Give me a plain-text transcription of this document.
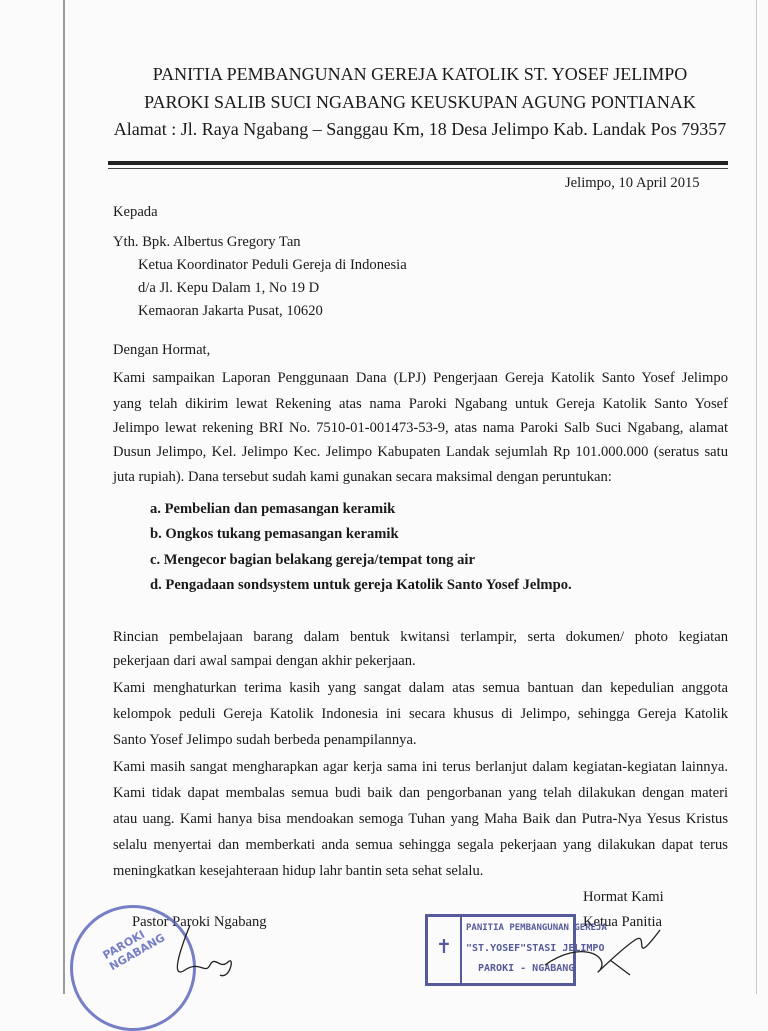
PANITIA PEMBANGUNAN GEREJA KATOLIK ST. YOSEF JELIMPO
PAROKI SALIB SUCI NGABANG KEUSKUPAN AGUNG PONTIANAK
Alamat : Jl. Raya Ngabang – Sanggau Km, 18 Desa Jelimpo Kab. Landak Pos 79357
Jelimpo, 10 April 2015
Kepada
Yth. Bpk. Albertus Gregory Tan
Ketua Koordinator Peduli Gereja di Indonesia
d/a Jl. Kepu Dalam 1, No 19 D
Kemaoran Jakarta Pusat, 10620
Dengan Hormat,
Kami sampaikan Laporan Penggunaan Dana (LPJ) Pengerjaan Gereja Katolik Santo Yosef Jelimpo
yang telah dikirim lewat Rekening atas nama Paroki Ngabang untuk Gereja Katolik Santo Yosef
Jelimpo lewat rekening BRI No. 7510-01-001473-53-9, atas nama Paroki Salb Suci Ngabang, alamat
Dusun Jelimpo, Kel. Jelimpo Kec. Jelimpo Kabupaten Landak sejumlah Rp 101.000.000 (seratus satu
juta rupiah). Dana tersebut sudah kami gunakan secara maksimal dengan peruntukan:
a. Pembelian dan pemasangan keramik
b. Ongkos tukang pemasangan keramik
c. Mengecor bagian belakang gereja/tempat tong air
d. Pengadaan sondsystem untuk gereja Katolik Santo Yosef Jelmpo.
Rincian pembelajaan barang dalam bentuk kwitansi terlampir, serta dokumen/ photo kegiatan
pekerjaan dari awal sampai dengan akhir pekerjaan.
Kami menghaturkan terima kasih yang sangat dalam atas semua bantuan dan kepedulian anggota
kelompok peduli Gereja Katolik Indonesia ini secara khusus di Jelimpo, sehingga Gereja Katolik
Santo Yosef Jelimpo sudah berbeda penampilannya.
Kami masih sangat mengharapkan agar kerja sama ini terus berlanjut dalam kegiatan-kegiatan lainnya.
Kami tidak dapat membalas semua budi baik dan pengorbanan yang telah dilakukan dengan materi
atau uang. Kami hanya bisa mendoakan semoga Tuhan yang Maha Baik dan Putra-Nya Yesus Kristus
selalu menyertai dan memberkati anda semua sehingga segala pekerjaan yang dilakukan dapat terus
meningkatkan kesejahteraan hidup lahr bantin seta sehat selalu.
Hormat Kami
Ketua Panitia
Pastor Paroki Ngabang
PAROKI NGABANG	✝
PANITIA PEMBANGUNAN GEREJA
"ST.YOSEF"STASI JELIMPO
PAROKI - NGABANG
